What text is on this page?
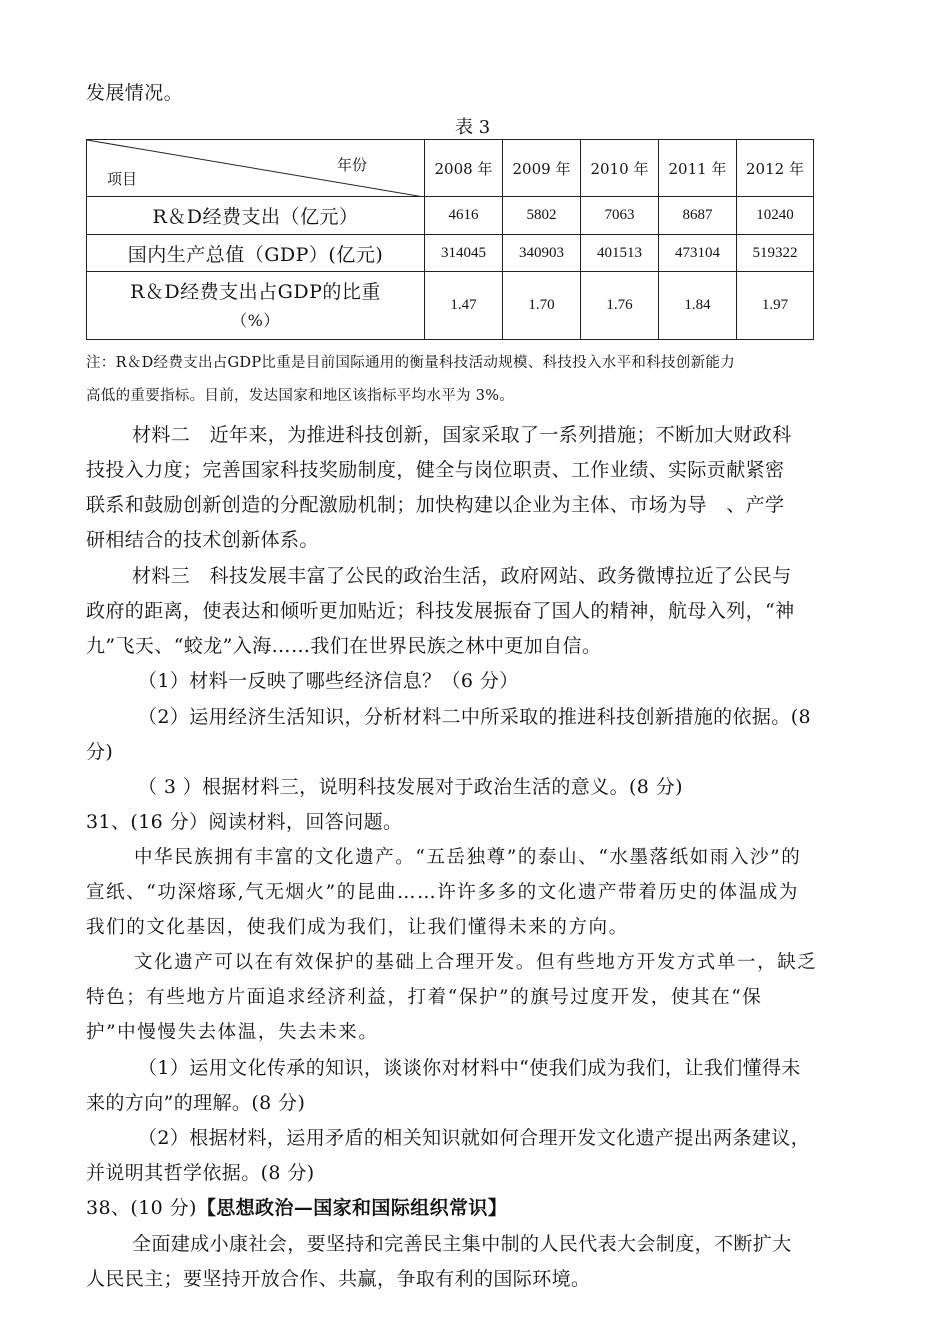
发展情况。
表 3
年份
项目	2008 年	2009 年	2010 年	2011 年	2012 年
R＆D经费支出（亿元）	4616	5802	7063	8687	10240
国内生产总值（GDP）(亿元)	314045	340903	401513	473104	519322

R＆D经费支出占GDP的比重
（%）	1.47	1.70	1.76	1.84	1.97
注：R＆D经费支出占GDP比重是目前国际通用的衡量科技活动规模、科技投入水平和科技创新能力
高低的重要指标。目前，发达国家和地区该指标平均水平为 3%。
材料二　近年来，为推进科技创新，国家采取了一系列措施；不断加大财政科
技投入力度；完善国家科技奖励制度，健全与岗位职责、工作业绩、实际贡献紧密
联系和鼓励创新创造的分配激励机制；加快构建以企业为主体、市场为导　、产学
研相结合的技术创新体系。
材料三　科技发展丰富了公民的政治生活，政府网站、政务微博拉近了公民与
政府的距离，使表达和倾听更加贴近；科技发展振奋了国人的精神，航母入列，“神
九”飞天、“蛟龙”入海……我们在世界民族之林中更加自信。
（1）材料一反映了哪些经济信息？（6 分）
（2）运用经济生活知识，分析材料二中所采取的推进科技创新措施的依据。(8
分)
（ 3 ）根据材料三，说明科技发展对于政治生活的意义。(8 分)
31、(16 分）阅读材料，回答问题。
中华民族拥有丰富的文化遗产。“五岳独尊”的泰山、“水墨落纸如雨入沙”的
宣纸、“功深熔琢,气无烟火”的昆曲……许许多多的文化遗产带着历史的体温成为
我们的文化基因，使我们成为我们，让我们懂得未来的方向。
文化遗产可以在有效保护的基础上合理开发。但有些地方开发方式单一，缺乏
特色；有些地方片面追求经济利益，打着“保护”的旗号过度开发，使其在“保
护”中慢慢失去体温，失去未来。
（1）运用文化传承的知识，谈谈你对材料中“使我们成为我们，让我们懂得未
来的方向”的理解。(8 分)
（2）根据材料，运用矛盾的相关知识就如何合理开发文化遗产提出两条建议，
并说明其哲学依据。(8 分)
38、(10 分)【思想政治—国家和国际组织常识】
全面建成小康社会，要坚持和完善民主集中制的人民代表大会制度，不断扩大
人民民主；要坚持开放合作、共赢，争取有利的国际环境。
